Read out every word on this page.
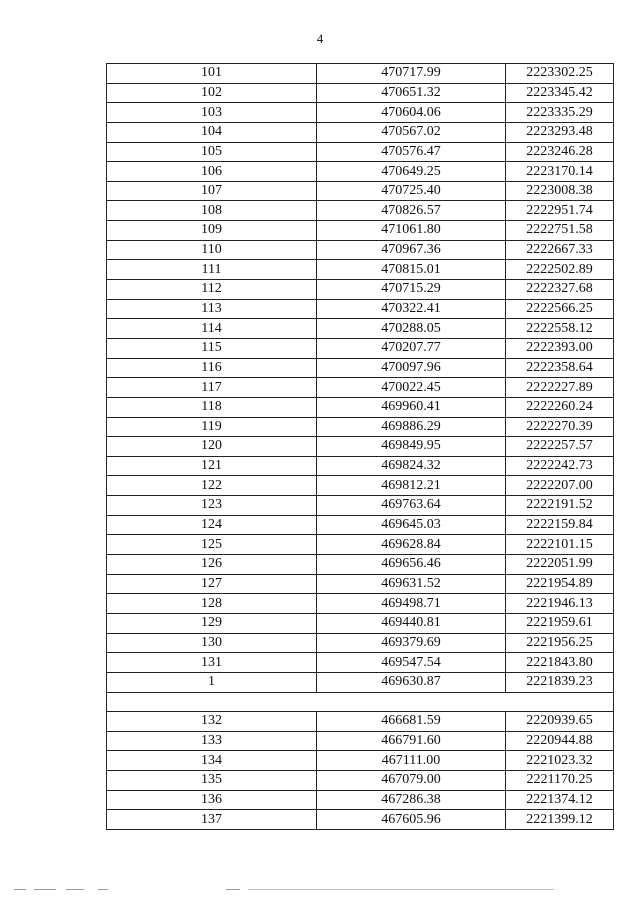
4
101	470717.99	2223302.25
102	470651.32	2223345.42
103	470604.06	2223335.29
104	470567.02	2223293.48
105	470576.47	2223246.28
106	470649.25	2223170.14
107	470725.40	2223008.38
108	470826.57	2222951.74
109	471061.80	2222751.58
110	470967.36	2222667.33
111	470815.01	2222502.89
112	470715.29	2222327.68
113	470322.41	2222566.25
114	470288.05	2222558.12
115	470207.77	2222393.00
116	470097.96	2222358.64
117	470022.45	2222227.89
118	469960.41	2222260.24
119	469886.29	2222270.39
120	469849.95	2222257.57
121	469824.32	2222242.73
122	469812.21	2222207.00
123	469763.64	2222191.52
124	469645.03	2222159.84
125	469628.84	2222101.15
126	469656.46	2222051.99
127	469631.52	2221954.89
128	469498.71	2221946.13
129	469440.81	2221959.61
130	469379.69	2221956.25
131	469547.54	2221843.80
1	469630.87	2221839.23

132	466681.59	2220939.65
133	466791.60	2220944.88
134	467111.00	2221023.32
135	467079.00	2221170.25
136	467286.38	2221374.12
137	467605.96	2221399.12
